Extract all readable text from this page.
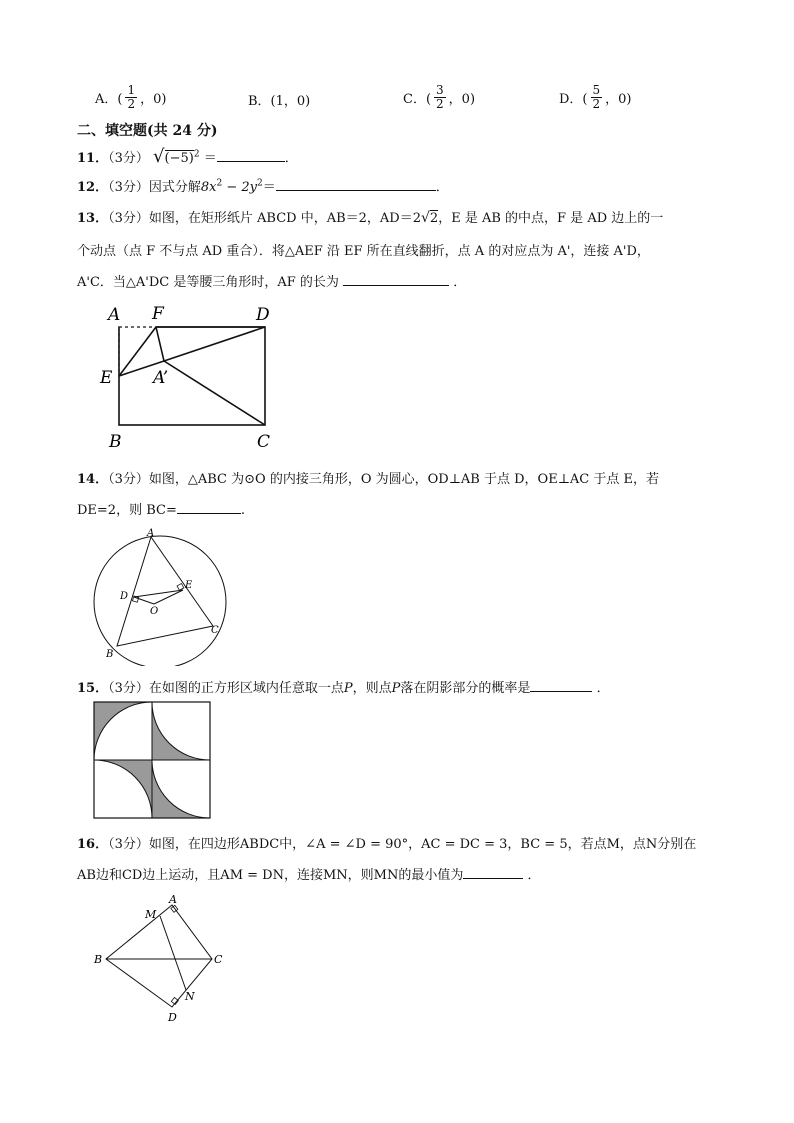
A．( $\frac{1}{2}$ ，0)	B．(1，0)	C．( $\frac{3}{2}$ ，0)	D．( $\frac{5}{2}$ ，0)
二、填空题(共 24 分)
11．（3分） $√(-5)^2$ ＝	．
12．（3分）因式分解$8x^2 - 2y^2=$	．
13．（3分）如图，在矩形纸片 ABCD 中，AB＝2，AD＝2√2，E 是 AB 的中点，F 是 AD 边上的一
个动点（点 F 不与点 AD 重合）．将△AEF 沿 EF 所在直线翻折，点 A 的对应点为 A'，连接 A'D，
A'C．当△A'DC 是等腰三角形时，AF 的长为	．
A F	D
E A’
B	C
14．（3分）如图，△ABC 为⊙O 的内接三角形，O 为圆心，OD⊥AB 于点 D，OE⊥AC 于点 E，若
DE=2，则 BC=	.
A
B
C
D
E
O
15．（3分）在如图的正方形区域内任意取一点P，则点P落在阴影部分的概率是	．
16．（3分）如图，在四边形ABDC中，∠A = ∠D = 90°，AC = DC = 3，BC = 5，若点M，点N分别在
AB边和CD边上运动，且AM = DN，连接MN，则MN的最小值为	．
A
M
B	C
N
D
